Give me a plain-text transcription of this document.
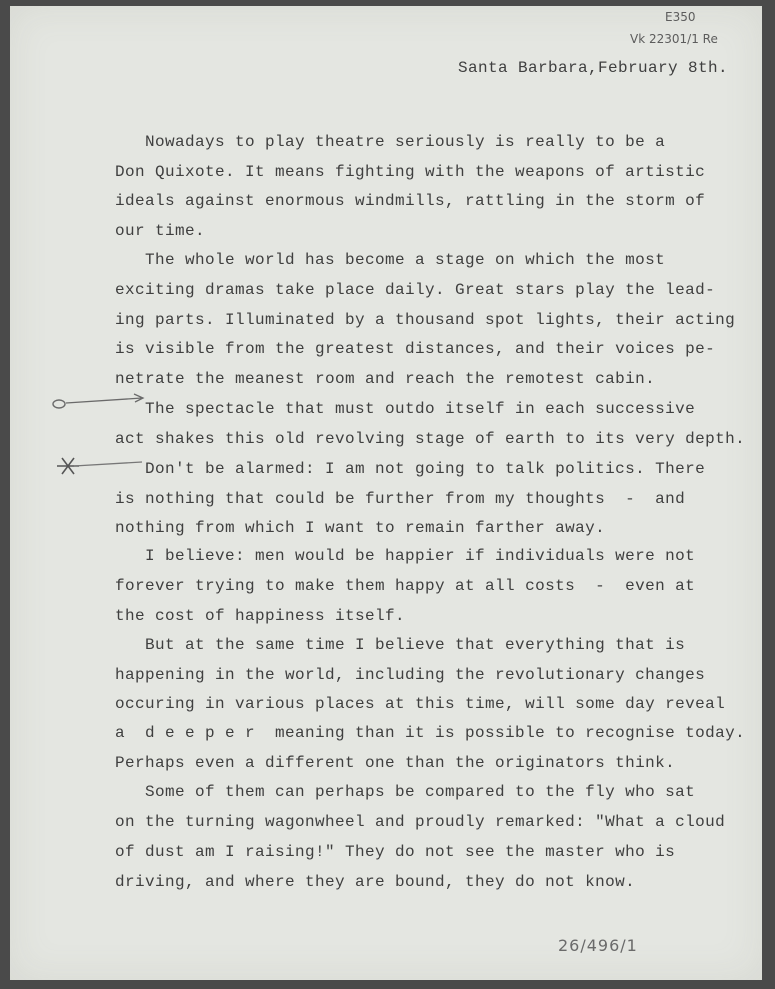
E350
Vk 22301/1 Re
Santa Barbara,February 8th.
Nowadays to play theatre seriously is really to be a
Don Quixote. It means fighting with the weapons of artistic
ideals against enormous windmills, rattling in the storm of
our time.
The whole world has become a stage on which the most
exciting dramas take place daily. Great stars play the lead-
ing parts. Illuminated by a thousand spot lights, their acting
is visible from the greatest distances, and their voices pe-
netrate the meanest room and reach the remotest cabin.
The spectacle that must outdo itself in each successive
act shakes this old revolving stage of earth to its very depth.
Don't be alarmed: I am not going to talk politics. There
is nothing that could be further from my thoughts  -  and
nothing from which I want to remain farther away.
I believe: men would be happier if individuals were not
forever trying to make them happy at all costs  -  even at
the cost of happiness itself.
But at the same time I believe that everything that is
happening in the world, including the revolutionary changes
occuring in various places at this time, will some day reveal
a  d e e p e r  meaning than it is possible to recognise today.
Perhaps even a different one than the originators think.
Some of them can perhaps be compared to the fly who sat
on the turning wagonwheel and proudly remarked: "What a cloud
of dust am I raising!" They do not see the master who is
driving, and where they are bound, they do not know.
26/496/1
